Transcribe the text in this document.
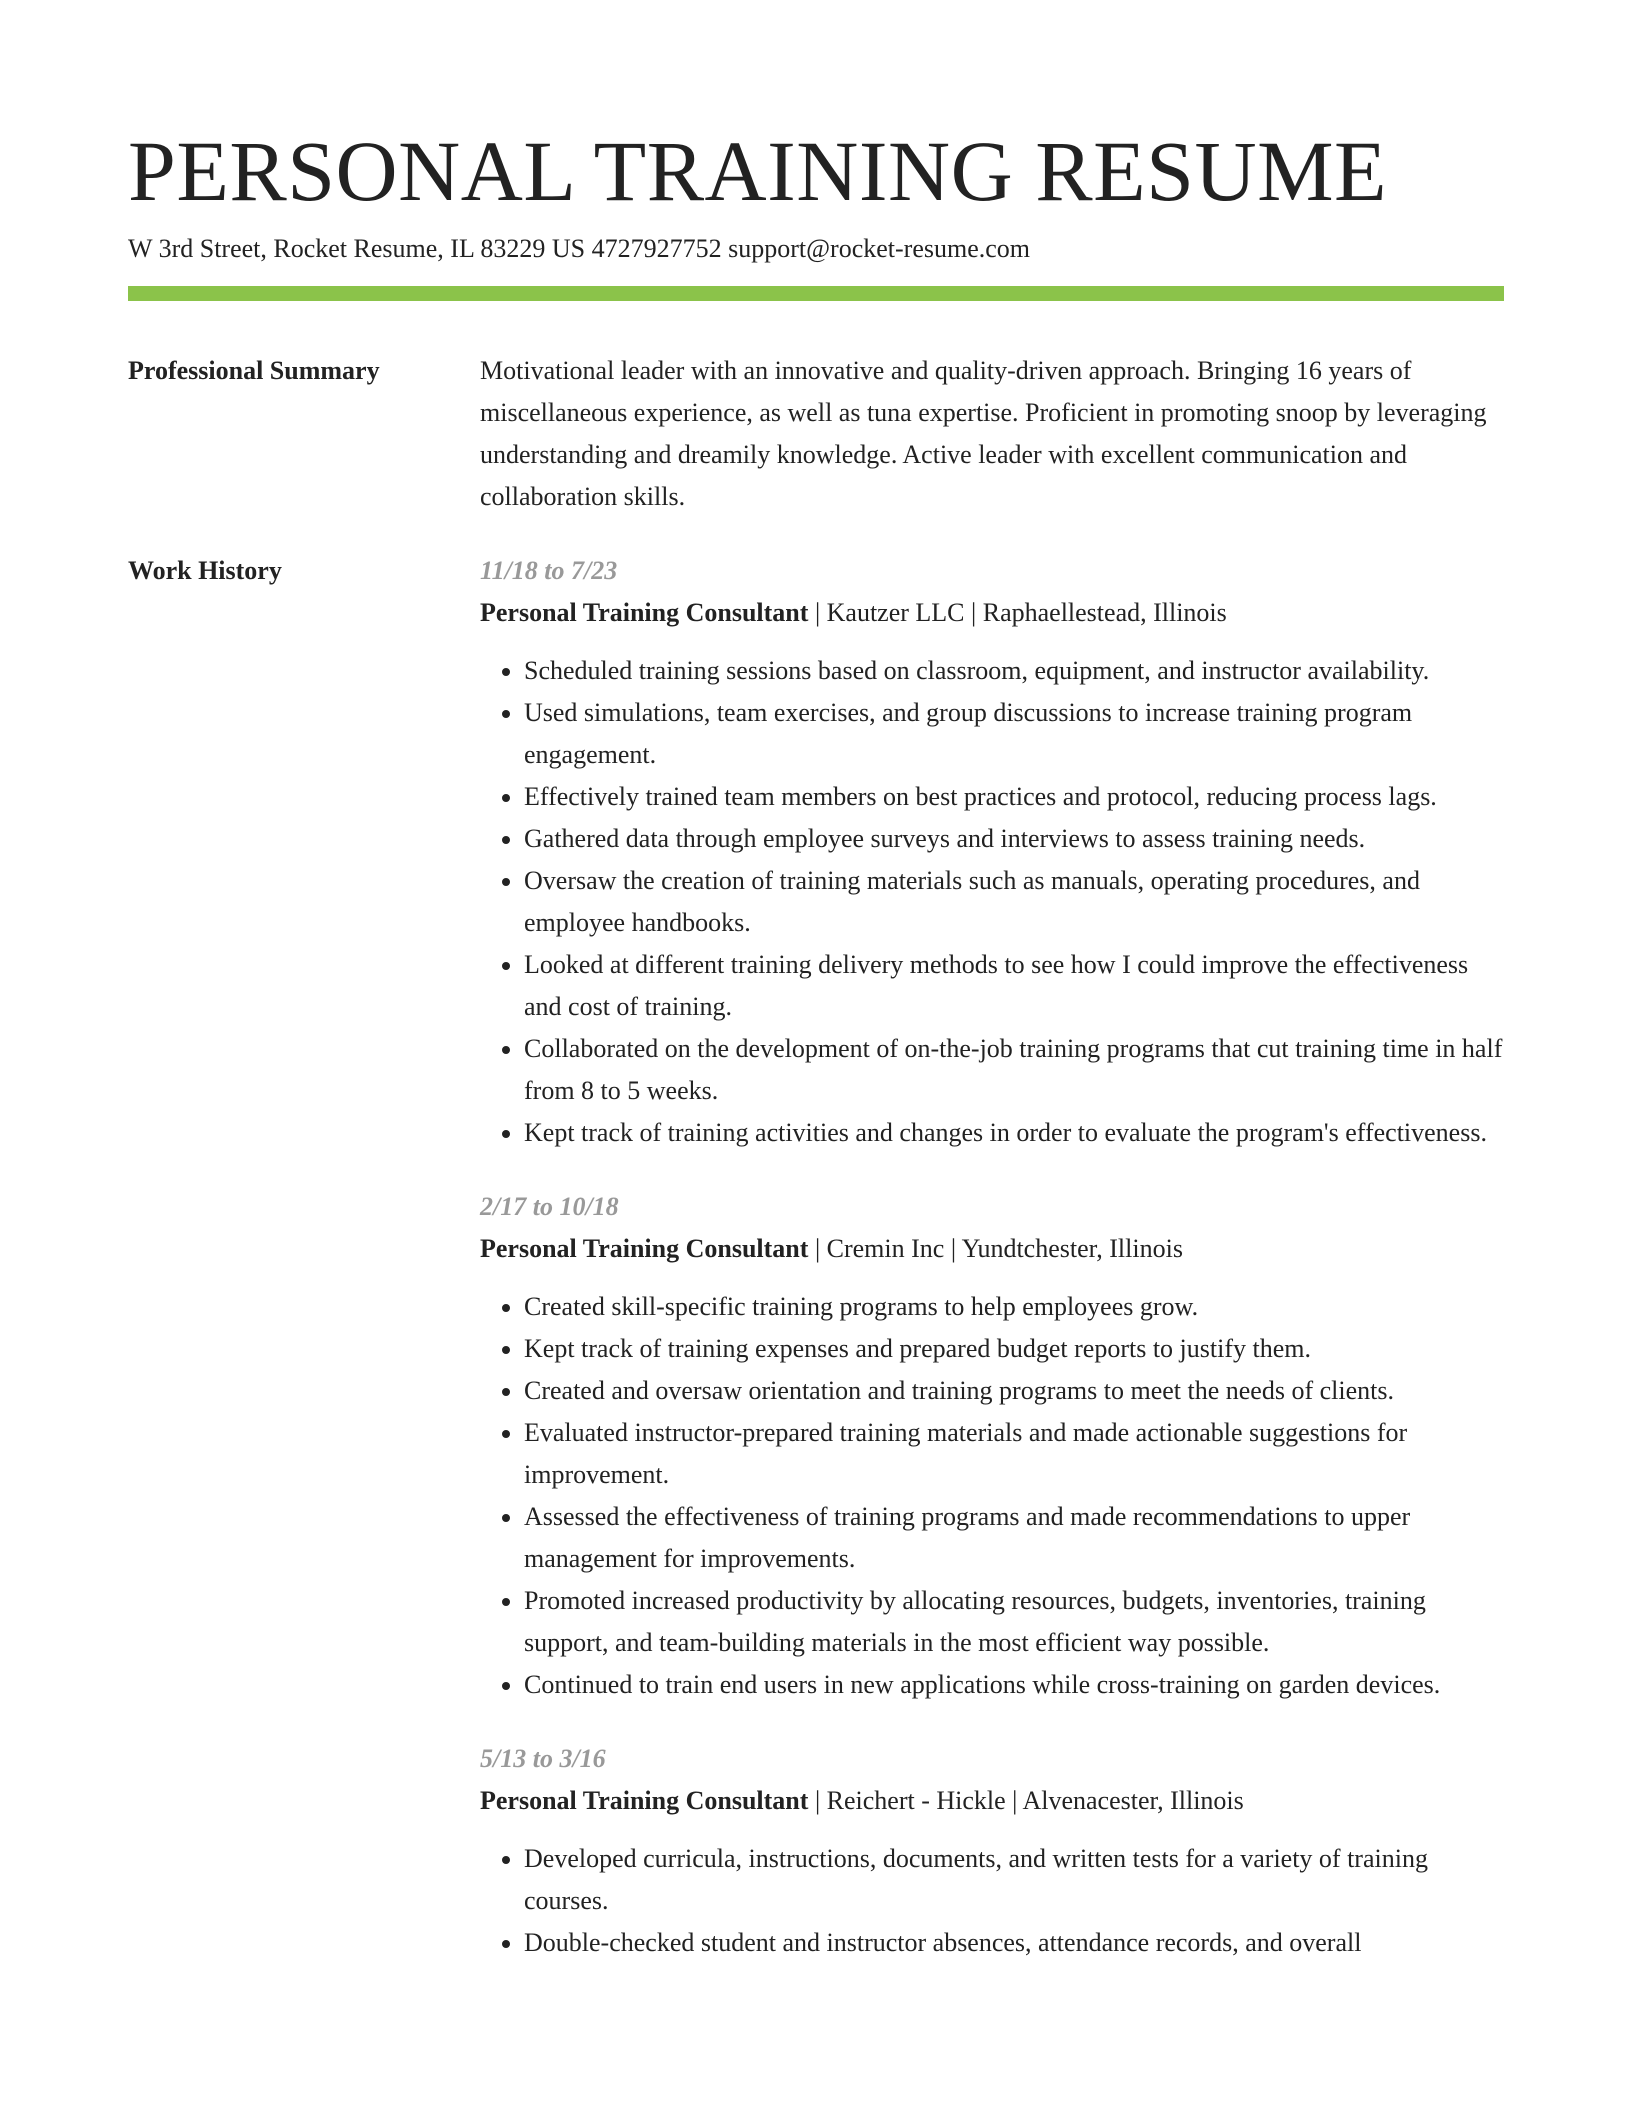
PERSONAL TRAINING RESUME
W 3rd Street, Rocket Resume, IL 83229 US 4727927752 support@rocket-resume.com
Professional Summary	Motivational leader with an innovative and quality-driven approach. Bringing 16 years of miscellaneous experience, as well as tuna expertise. Proficient in promoting snoop by leveraging understanding and dreamily knowledge. Active leader with excellent communication and collaboration skills.

Work History	11/18 to 7/23

Personal Training Consultant | Kautzer LLC | Raphaellestead, Illinois

• Scheduled training sessions based on classroom, equipment, and instructor availability.
• Used simulations, team exercises, and group discussions to increase training program engagement.
• Effectively trained team members on best practices and protocol, reducing process lags.
• Gathered data through employee surveys and interviews to assess training needs.
• Oversaw the creation of training materials such as manuals, operating procedures, and employee handbooks.
• Looked at different training delivery methods to see how I could improve the effectiveness and cost of training.
• Collaborated on the development of on-the-job training programs that cut training time in half from 8 to 5 weeks.
• Kept track of training activities and changes in order to evaluate the program's effectiveness.
2/17 to 10/18

Personal Training Consultant | Cremin Inc | Yundtchester, Illinois

• Created skill-specific training programs to help employees grow.
• Kept track of training expenses and prepared budget reports to justify them.
• Created and oversaw orientation and training programs to meet the needs of clients.
• Evaluated instructor-prepared training materials and made actionable suggestions for improvement.
• Assessed the effectiveness of training programs and made recommendations to upper management for improvements.
• Promoted increased productivity by allocating resources, budgets, inventories, training support, and team-building materials in the most efficient way possible.
• Continued to train end users in new applications while cross-training on garden devices.
5/13 to 3/16

Personal Training Consultant | Reichert - Hickle | Alvenacester, Illinois

• Developed curricula, instructions, documents, and written tests for a variety of training courses.
• Double-checked student and instructor absences, attendance records, and overall
